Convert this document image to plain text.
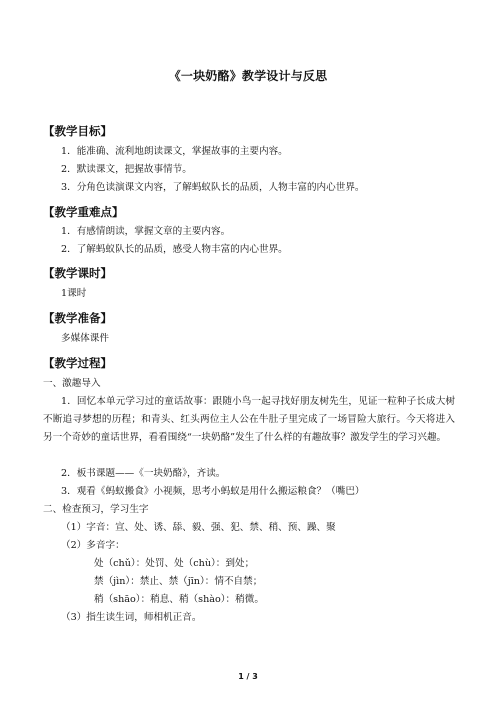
《一块奶酪》教学设计与反思
【教学目标】
1．能准确、流利地朗读课文，掌握故事的主要内容。
2．默读课文，把握故事情节。
3．分角色读演课文内容，了解蚂蚁队长的品质，人物丰富的内心世界。
【教学重难点】
1．有感情朗读，掌握文章的主要内容。
2．了解蚂蚁队长的品质，感受人物丰富的内心世界。
【教学课时】
1课时
【教学准备】
多媒体课件
【教学过程】
一、激趣导入

1．回忆本单元学习过的童话故事：跟随小鸟一起寻找好朋友树先生，见证一粒种子长成大树不断追寻梦想的历程；和青头、红头两位主人公在牛肚子里完成了一场冒险大旅行。今天将进入另一个奇妙的童话世界，看看围绕“一块奶酪”发生了什么样的有趣故事？激发学生的学习兴趣。

2．板书课题——《一块奶酪》，齐读。
3．观看《蚂蚁搬食》小视频，思考小蚂蚁是用什么搬运粮食？（嘴巴）
二、检查预习，学习生字
（1）字音：宣、处、诱、舔、毅、强、犯、禁、稍、预、躁、聚
（2）多音字：
处（chǔ）：处罚、处（chù）：到处；
禁（jìn）：禁止、禁（jīn）：情不自禁；
稍（shāo）：稍息、稍（shào）：稍微。
（3）指生读生词，师相机正音。
1 / 3
